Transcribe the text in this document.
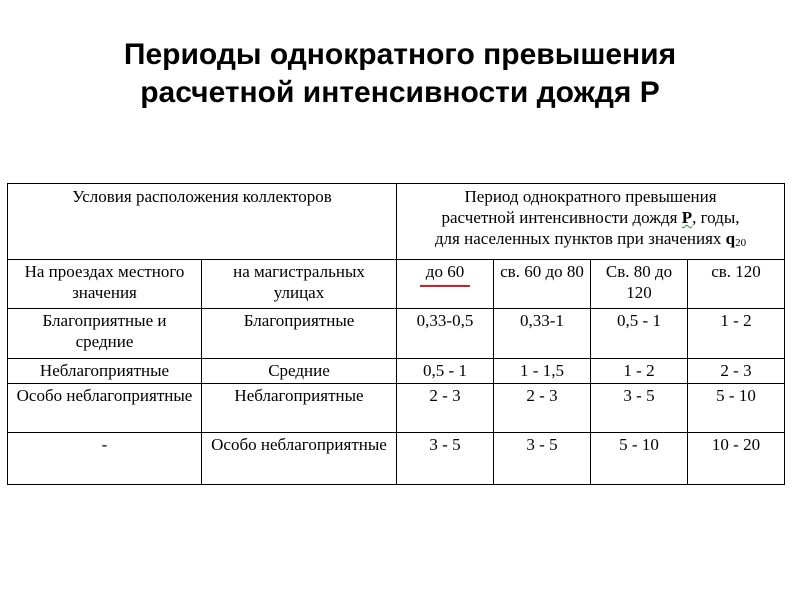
Периоды однократного превышения
расчетной интенсивности дождя Р
Условия расположения коллекторов		Период однократного превышения
расчетной интенсивности дождя Р, годы,
для населенных пунктов при значениях q20			

На проездах местного значения	на магистральных улицах	до 60	св. 60 до 80	Св. 80 до 120	св. 120
Благоприятные и средние	Благоприятные	0,33-0,5	0,33-1	0,5 - 1	1 - 2
Неблагоприятные	Средние	0,5 - 1	1 - 1,5	1 - 2	2 - 3
Особо неблагоприятные	Неблагоприятные	2 - 3	2 - 3	3 - 5	5 - 10
-	Особо неблагоприятные	3 - 5	3 - 5	5 - 10	10 - 20
